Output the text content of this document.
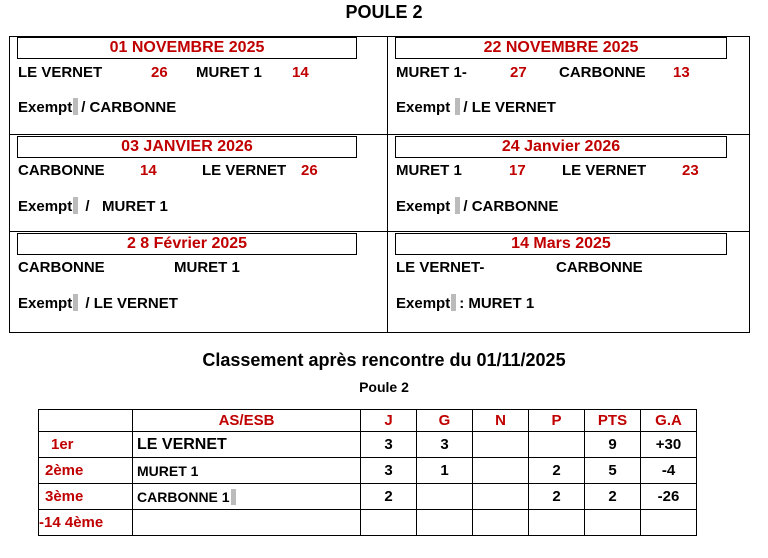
POULE 2
01 NOVEMBRE 2025
LE VERNET	26 MURET 1 14
Exempt / CARBONNE
22 NOVEMBRE 2025
MURET 1-	27 CARBONNE 13
Exempt / LE VERNET
03 JANVIER 2026
CARBONNE 14	LE VERNET 26
Exempt / MURET 1
24 Janvier 2026
MURET 1	17 LE VERNET 23
Exempt / CARBONNE
2 8 Février 2025
CARBONNE	MURET 1
Exempt / LE VERNET
14 Mars 2025
LE VERNET-	CARBONNE
Exempt : MURET 1
Classement après rencontre du 01/11/2025
Poule 2
	AS/ESB	J	G	N	P	PTS	G.A
1er	LE VERNET	3	3			9	+30
2ème	MURET 1	3	1		2	5	-4
3ème	CARBONNE 1	2			2	2	-26
-14 4ème							
